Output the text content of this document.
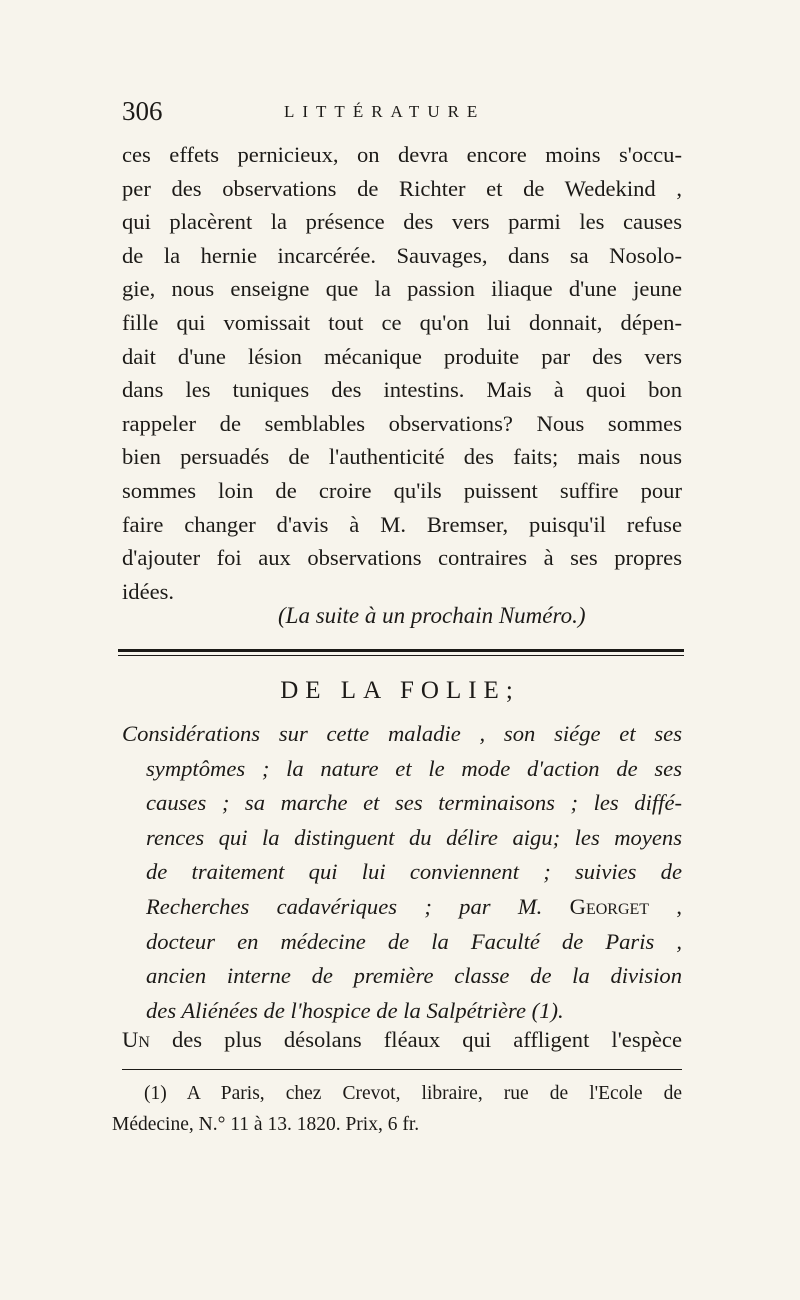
306	LITTÉRATURE
ces effets pernicieux, on devra encore moins s'occu-
per des observations de Richter et de Wedekind ,
qui placèrent la présence des vers parmi les causes
de la hernie incarcérée. Sauvages, dans sa Nosolo-
gie, nous enseigne que la passion iliaque d'une jeune
fille qui vomissait tout ce qu'on lui donnait, dépen-
dait d'une lésion mécanique produite par des vers
dans les tuniques des intestins. Mais à quoi bon
rappeler de semblables observations? Nous sommes
bien persuadés de l'authenticité des faits; mais nous
sommes loin de croire qu'ils puissent suffire pour
faire changer d'avis à M. Bremser, puisqu'il refuse
d'ajouter foi aux observations contraires à ses propres
idées.
(La suite à un prochain Numéro.)
DE LA FOLIE;
Considérations sur cette maladie , son siége et ses
symptômes ; la nature et le mode d'action de ses
causes ; sa marche et ses terminaisons ; les diffé-
rences qui la distinguent du délire aigu; les moyens
de traitement qui lui conviennent ; suivies de
Recherches cadavériques ; par M. Georget ,
docteur en médecine de la Faculté de Paris ,
ancien interne de première classe de la division
des Aliénées de l'hospice de la Salpétrière (1).
Un des plus désolans fléaux qui affligent l'espèce
(1) A Paris, chez Crevot, libraire, rue de l'Ecole de
Médecine, N.° 11 à 13. 1820. Prix, 6 fr.
